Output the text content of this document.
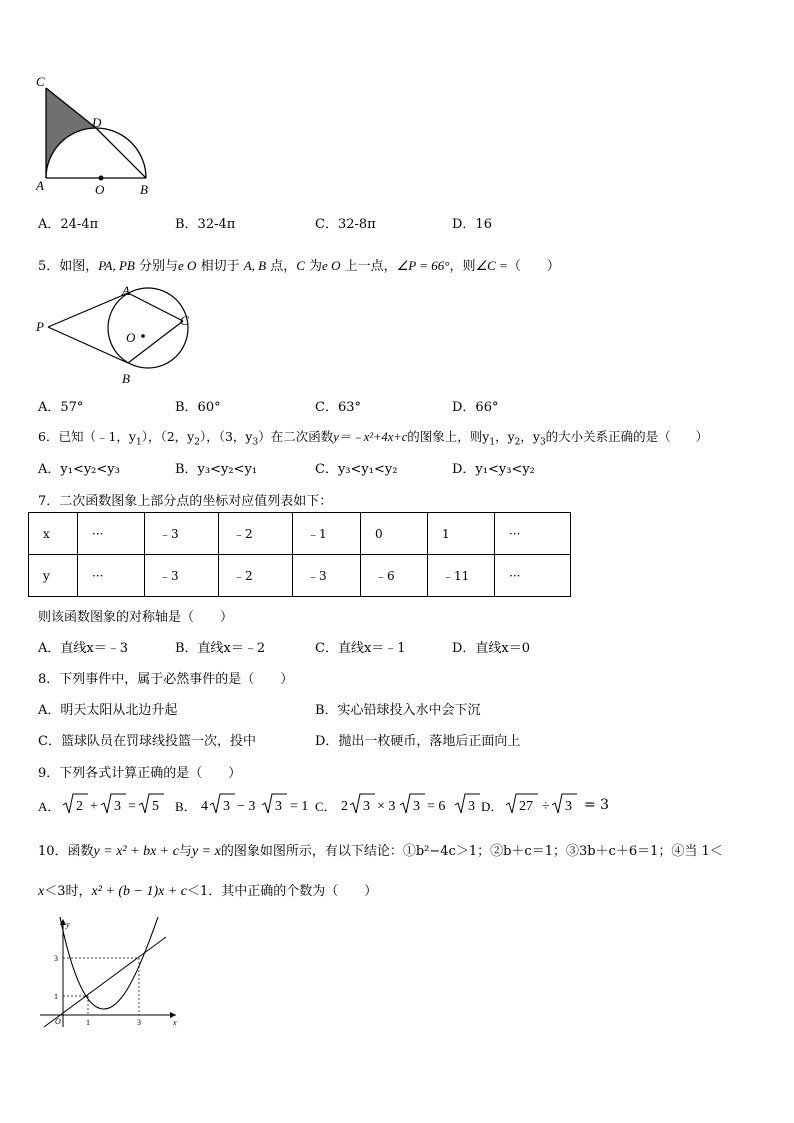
C
D
A	O	B
A．24-4π	B．32-4π	C．32-8π	D．16
5．如图，PA, PB 分别与e O 相切于 A, B 点，C 为e O 上一点，∠P = 66°，则∠C =（　　）
P
A
C
O
B
A．57°	B．60°	C．63°	D．66°
6．已知（﹣1，$y_1$），（2，$y_2$），（3，$y_3$）在二次函数y＝﹣x²+4x+c的图象上，则$y_1$，$y_2$，$y_3$的大小关系正确的是（　　）
A．y₁<y₂<y₃	B．y₃<y₂<y₁	C．y₃<y₁<y₂	D．y₁<y₃<y₂
7．二次函数图象上部分点的坐标对应值列表如下：
x	···	﹣3	﹣2	﹣1	0	1	···
y	···	﹣3	﹣2	﹣3	﹣6	﹣11	···
则该函数图象的对称轴是（　　）
A．直线x＝﹣3	B．直线x＝﹣2	C．直线x＝﹣1	D．直线x＝0
8．下列事件中，属于必然事件的是（　　）
A．明天太阳从北边升起	B．实心铅球投入水中会下沉
C．篮球队员在罚球线投篮一次，投中	D．抛出一枚硬币，落地后正面向上
9．下列各式计算正确的是（　　）
A． 2 + 3 = 5 B． 4 3 − 3 3 = 1 C． 2 3 × 3 3 = 6 3 D． 27 ÷ 3 = 3
10．函数y = x² + bx + c与y = x的图象如图所示，有以下结论：①b²−4c＞1；②b＋c＝1；③3b＋c＋6＝1；④当 1＜
x＜3时，x² + (b − 1)x + c＜1．其中正确的个数为（　　）
y
x
O
3
1
1	3
